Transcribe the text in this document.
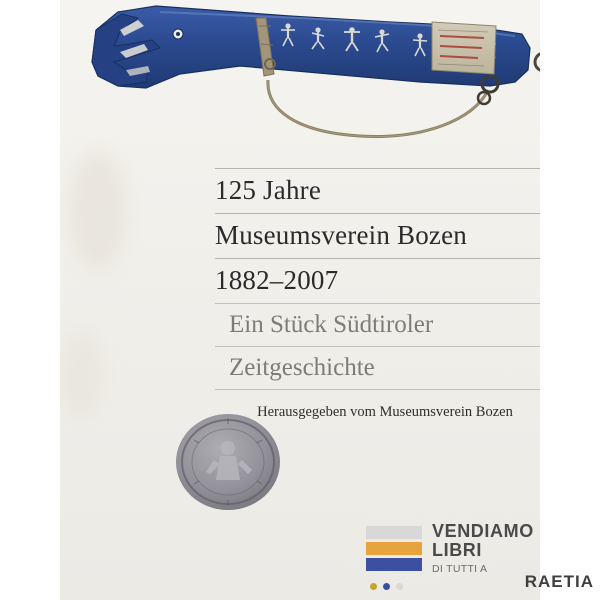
125 Jahre
Museumsverein Bozen
1882–2007
Ein Stück Südtiroler
Zeitgeschichte
Herausgegeben vom Museumsverein Bozen
VENDIAMO
LIBRI
DI TUTTI A
RAETIA
